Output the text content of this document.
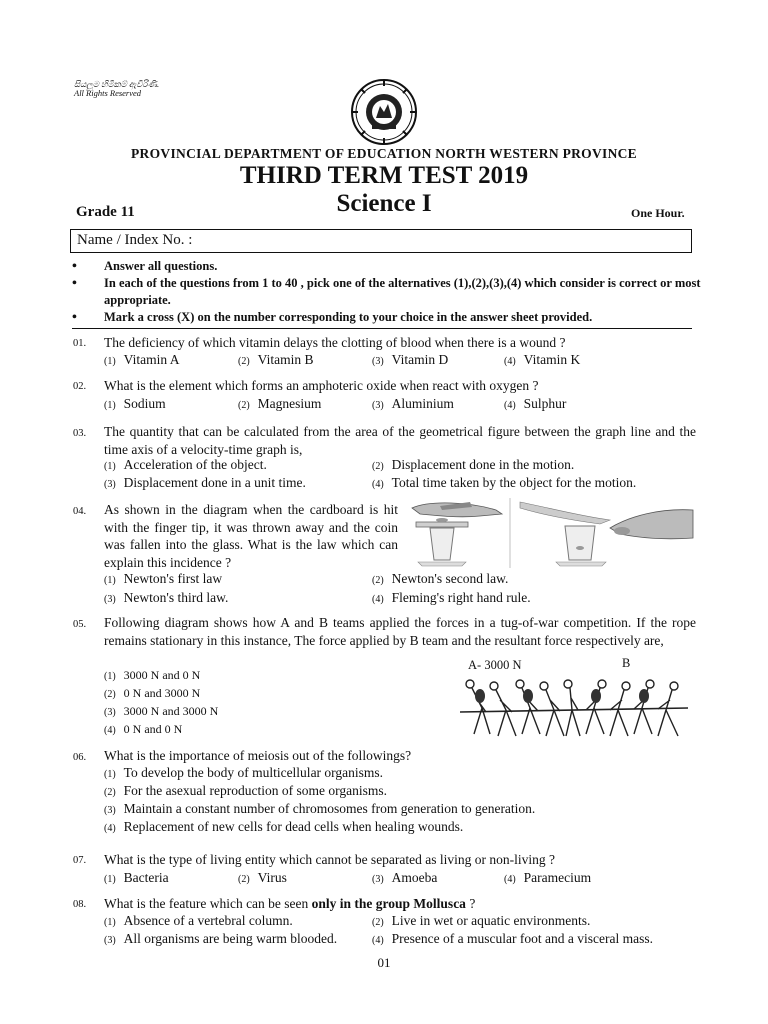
සියලුම හිමිකම් ඇවිරිණි.
All Rights Reserved
PROVINCIAL DEPARTMENT OF EDUCATION NORTH WESTERN PROVINCE
THIRD TERM TEST 2019
Grade 11	Science I	One Hour.
Name / Index No. :
• Answer all questions.
• In each of the questions from 1 to 40 , pick one of the alternatives (1),(2),(3),(4) which consider is correct or most appropriate.
• Mark a cross (X) on the number corresponding to your choice in the answer sheet provided.
01. The deficiency of which vitamin delays the clotting of blood when there is a wound ?
(1) Vitamin A	(2) Vitamin B	(3) Vitamin D	(4) Vitamin K
02. What is the element which forms an amphoteric oxide when react with oxygen ?
(1) Sodium	(2) Magnesium	(3) Aluminium	(4) Sulphur
03. The quantity that can be calculated from the area of the geometrical figure between the graph line and the time axis of a velocity-time graph is,
(1) Acceleration of the object.	(2) Displacement done in the motion.
(3) Displacement done in a unit time.	(4) Total time taken by the object for the motion.
04. As shown in the diagram when the cardboard is hit with the finger tip, it was thrown away and the coin was fallen into the glass. What is the law which can explain this incidence ?
(1) Newton's first law	(2) Newton's second law.
(3) Newton's third law.	(4) Fleming's right hand rule.
05. Following diagram shows how A and B teams applied the forces in a tug-of-war competition. If the rope remains stationary in this instance, The force applied by B team and the resultant force respectively are,
(1) 3000 N and 0 N
(2) 0 N and 3000 N
(3) 3000 N and 3000 N
(4) 0 N and 0 N
A- 3000 N	B
06. What is the importance of meiosis out of the followings?
(1) To develop the body of multicellular organisms.
(2) For the asexual reproduction of some organisms.
(3) Maintain a constant number of chromosomes from generation to generation.
(4) Replacement of new cells for dead cells when healing wounds.
07. What is the type of living entity which cannot be separated as living or non-living ?
(1) Bacteria	(2) Virus	(3) Amoeba	(4) Paramecium
08. What is the feature which can be seen only in the group Mollusca ?
(1) Absence of a vertebral column.	(2) Live in wet or aquatic environments.
(3) All organisms are being warm blooded.	(4) Presence of a muscular foot and a visceral mass.
01
